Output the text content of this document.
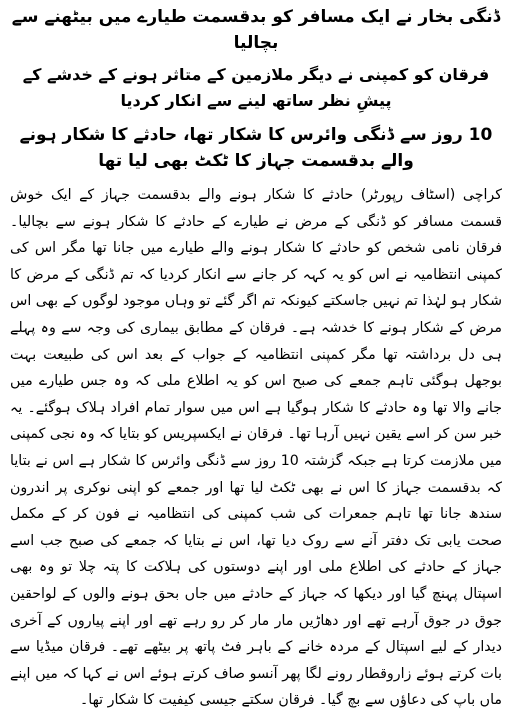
ڈنگی بخار نے ایک مسافر کو بدقسمت طیارے میں بیٹھنے سے بچالیا
فرقان کو کمپنی نے دیگر ملازمین کے متاثر ہونے کے خدشے کے پیشِ نظر ساتھ لینے سے انکار کردیا
10 روز سے ڈنگی وائرس کا شکار تھا، حادثے کا شکار ہونے والے بدقسمت جہاز کا ٹکٹ بھی لیا تھا

کراچی (اسٹاف رپورٹر) حادثے کا شکار ہونے والے بدقسمت جہاز کے ایک خوش قسمت مسافر کو ڈنگی کے مرض نے طیارے کے حادثے کا شکار ہونے سے بچالیا۔ فرقان نامی شخص کو حادثے کا شکار ہونے والے طیارے میں جانا تھا مگر اس کی کمپنی انتظامیہ نے اس کو یہ کہہ کر جانے سے انکار کردیا کہ تم ڈنگی کے مرض کا شکار ہو لہٰذا تم نہیں جاسکتے کیونکہ تم اگر گئے تو وہاں موجود لوگوں کے بھی اس مرض کے شکار ہونے کا خدشہ ہے۔ فرقان کے مطابق بیماری کی وجہ سے وہ پہلے ہی دل برداشتہ تھا مگر کمپنی انتظامیہ کے جواب کے بعد اس کی طبیعت بہت بوجھل ہوگئی تاہم جمعے کی صبح اس کو یہ اطلاع ملی کہ وہ جس طیارے میں جانے والا تھا وہ حادثے کا شکار ہوگیا ہے اس میں سوار تمام افراد ہلاک ہوگئے۔ یہ خبر سن کر اسے یقین نہیں آرہا تھا۔ فرقان نے ایکسپریس کو بتایا کہ وہ نجی کمپنی میں ملازمت کرتا ہے جبکہ گزشتہ 10 روز سے ڈنگی وائرس کا شکار ہے اس نے بتایا کہ بدقسمت جہاز کا اس نے بھی ٹکٹ لیا تھا اور جمعے کو اپنی نوکری پر اندرون سندھ جانا تھا تاہم جمعرات کی شب کمپنی کی انتظامیہ نے فون کر کے مکمل صحت یابی تک دفتر آنے سے روک دیا تھا، اس نے بتایا کہ جمعے کی صبح جب اسے جہاز کے حادثے کی اطلاع ملی اور اپنے دوستوں کی ہلاکت کا پتہ چلا تو وہ بھی اسپتال پہنچ گیا اور دیکھا کہ جہاز کے حادثے میں جاں بحق ہونے والوں کے لواحقین جوق در جوق آرہے تھے اور دھاڑیں مار مار کر رو رہے تھے اور اپنے پیاروں کے آخری دیدار کے لیے اسپتال کے مردہ خانے کے باہر فٹ پاتھ پر بیٹھے تھے۔ فرقان میڈیا سے بات کرتے ہوئے زاروقطار رونے لگا پھر آنسو صاف کرتے ہوئے اس نے کہا کہ میں اپنے ماں باپ کی دعاؤں سے بچ گیا۔ فرقان سکتے جیسی کیفیت کا شکار تھا۔
